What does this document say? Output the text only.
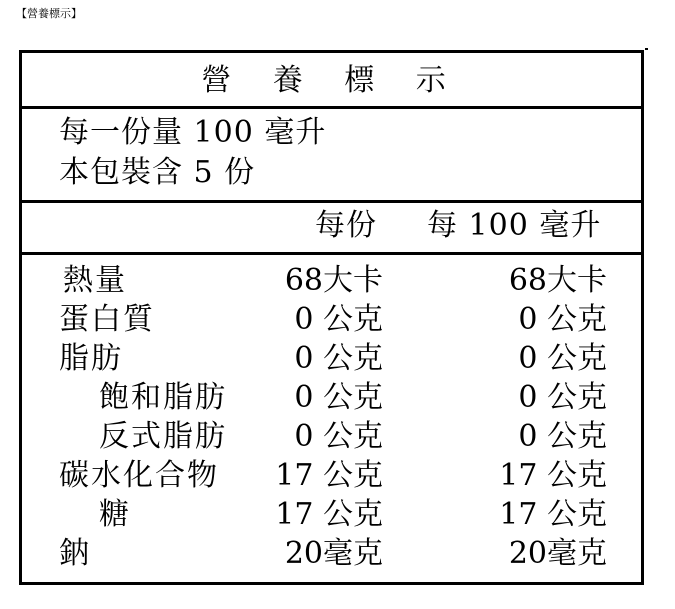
【營養標示】
營 養 標 示
每一份量 100 毫升
本包裝含 5 份
每份 每 100 毫升
熱量	68大卡	68大卡
蛋白質	0 公克	0 公克
脂肪	0 公克	0 公克
飽和脂肪 0 公克	0 公克
反式脂肪 0 公克	0 公克
碳水化合物 17 公克	17 公克
糖	17 公克	17 公克
鈉	20毫克	20毫克
